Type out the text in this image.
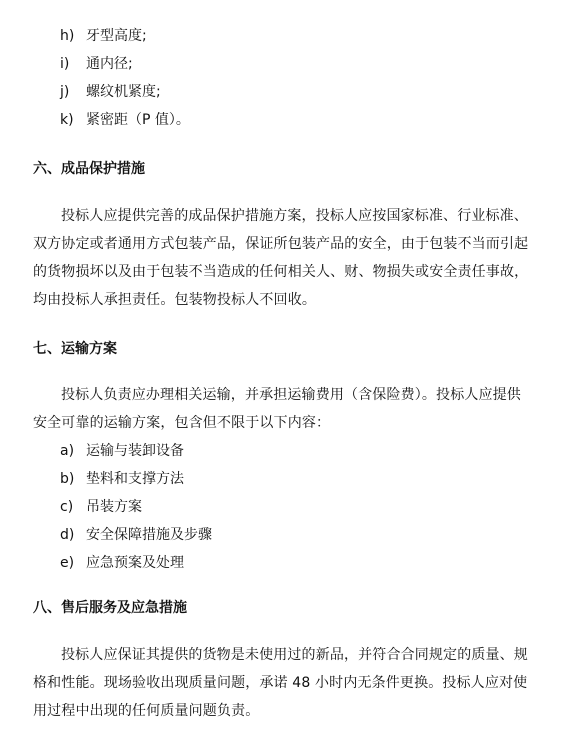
h) 牙型高度;
i) 通内径;
j) 螺纹机紧度;
k) 紧密距（P 值）。
六、成品保护措施
投标人应提供完善的成品保护措施方案，投标人应按国家标准、行业标准、
双方协定或者通用方式包装产品，保证所包装产品的安全，由于包装不当而引起
的货物损坏以及由于包装不当造成的任何相关人、财、物损失或安全责任事故，
均由投标人承担责任。包装物投标人不回收。
七、运输方案
投标人负责应办理相关运输，并承担运输费用（含保险费）。投标人应提供
安全可靠的运输方案，包含但不限于以下内容：
a) 运输与装卸设备
b) 垫料和支撑方法
c) 吊装方案
d) 安全保障措施及步骤
e) 应急预案及处理
八、售后服务及应急措施
投标人应保证其提供的货物是未使用过的新品，并符合合同规定的质量、规
格和性能。现场验收出现质量问题，承诺 48 小时内无条件更换。投标人应对使
用过程中出现的任何质量问题负责。
